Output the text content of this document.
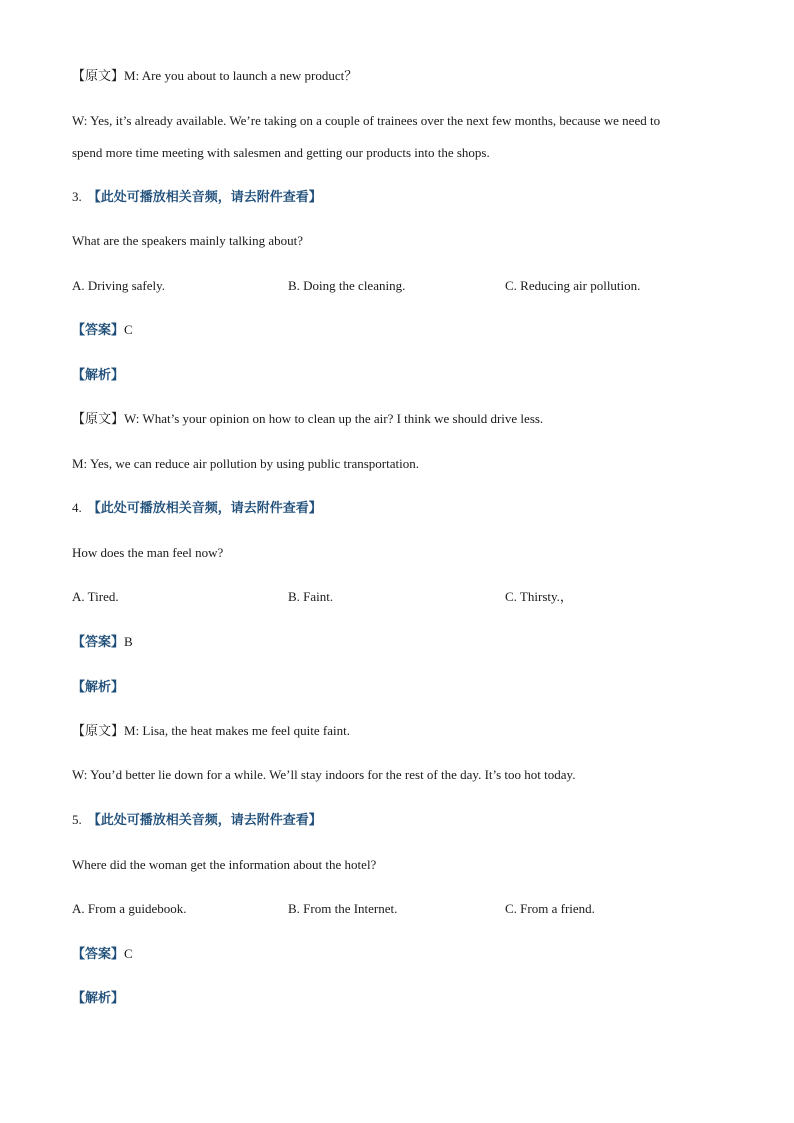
【原文】M: Are you about to launch a new product？
W: Yes, it’s already available. We’re taking on a couple of trainees over the next few months, because we need to
spend more time meeting with salesmen and getting our products into the shops.
3. 【此处可播放相关音频，请去附件查看】
What are the speakers mainly talking about?
A. Driving safely.	B. Doing the cleaning.	C. Reducing air pollution.
【答案】C
【解析】
【原文】W: What’s your opinion on how to clean up the air? I think we should drive less.
M: Yes, we can reduce air pollution by using public transportation.
4. 【此处可播放相关音频，请去附件查看】
How does the man feel now?
A. Tired.	B. Faint.	C. Thirsty.，
【答案】B
【解析】
【原文】M: Lisa, the heat makes me feel quite faint.
W: You’d better lie down for a while. We’ll stay indoors for the rest of the day. It’s too hot today.
5. 【此处可播放相关音频，请去附件查看】
Where did the woman get the information about the hotel?
A. From a guidebook.	B. From the Internet.	C. From a friend.
【答案】C
【解析】
